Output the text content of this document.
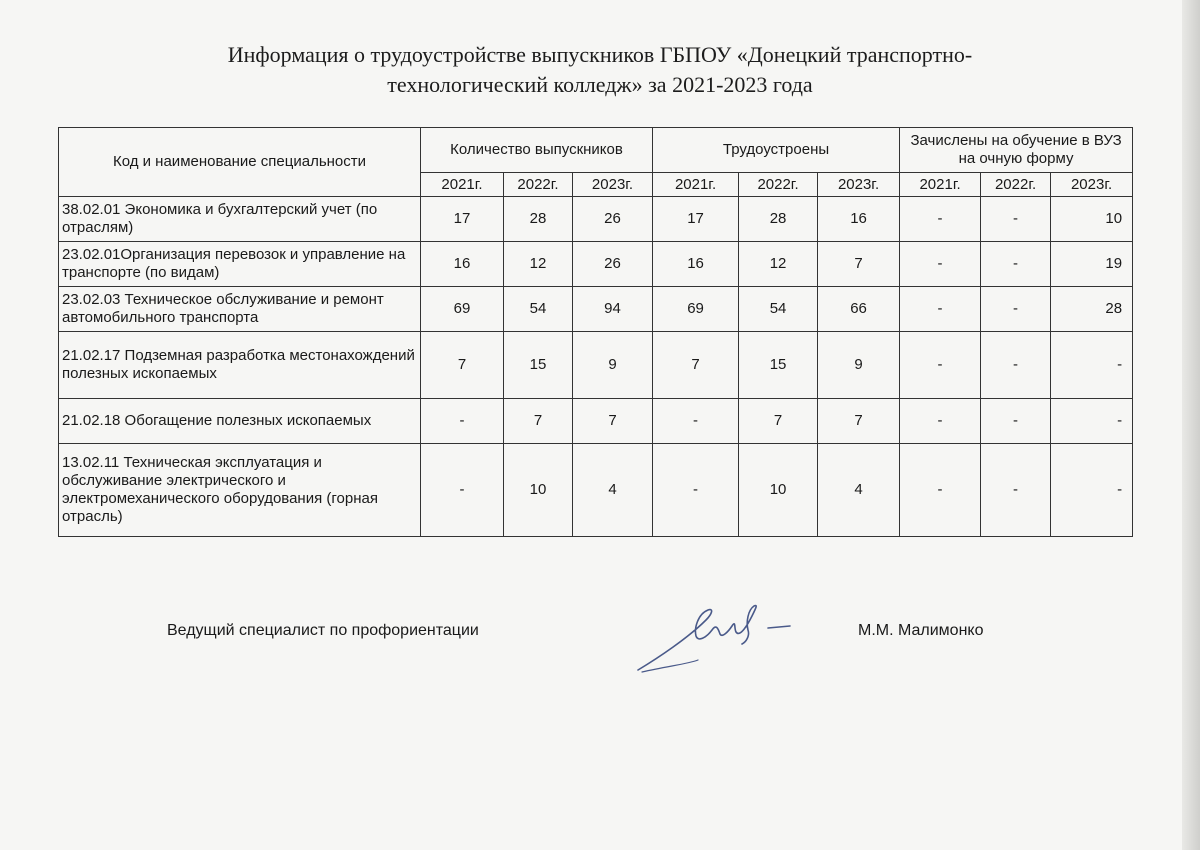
Информация о трудоустройстве выпускников ГБПОУ «Донецкий транспортно-
технологический колледж» за 2021-2023 года
Код и наименование специальности	Количество выпускников			Трудоустроены			Зачислены на обучение в ВУЗ на очную форму		
	2021г.	2022г.	2023г.	2021г.	2022г.	2023г.	2021г.	2022г.	2023г.
38.02.01 Экономика и бухгалтерский учет (по отраслям)	17	28	26	17	28	16	-	-	10
23.02.01Организация перевозок и управление на транспорте (по видам)	16	12	26	16	12	7	-	-	19
23.02.03 Техническое обслуживание и ремонт автомобильного транспорта	69	54	94	69	54	66	-	-	28
21.02.17 Подземная разработка местонахождений полезных ископаемых	7	15	9	7	15	9	-	-	-
21.02.18 Обогащение полезных ископаемых	-	7	7	-	7	7	-	-	-
13.02.11 Техническая эксплуатация и обслуживание электрического и электромеханического оборудования (горная отрасль)	-	10	4	-	10	4	-	-	-
Ведущий специалист по профориентации	М.М. Малимонко
